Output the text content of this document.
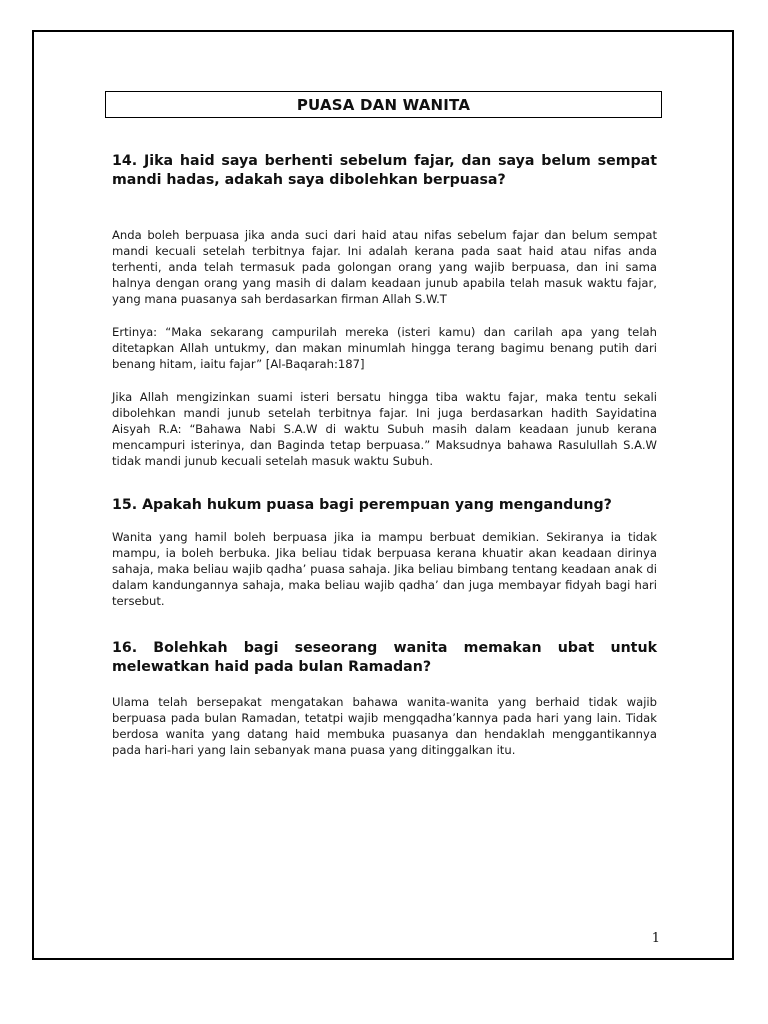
PUASA DAN WANITA

14. Jika haid saya berhenti sebelum fajar, dan saya belum sempat mandi hadas, adakah saya dibolehkan berpuasa?

Anda boleh berpuasa jika anda suci dari haid atau nifas sebelum fajar dan belum sempat mandi kecuali setelah terbitnya fajar. Ini adalah kerana pada saat haid atau nifas anda terhenti, anda telah termasuk pada golongan orang yang wajib berpuasa, dan ini sama halnya dengan orang yang masih di dalam keadaan junub apabila telah masuk waktu fajar, yang mana puasanya sah berdasarkan firman Allah S.W.T

Ertinya: “Maka sekarang campurilah mereka (isteri kamu) dan carilah apa yang telah ditetapkan Allah untukmy, dan makan minumlah hingga terang bagimu benang putih dari benang hitam, iaitu fajar” [Al-Baqarah:187]

Jika Allah mengizinkan suami isteri bersatu hingga tiba waktu fajar, maka tentu sekali dibolehkan mandi junub setelah terbitnya fajar. Ini juga berdasarkan hadith Sayidatina Aisyah R.A: “Bahawa Nabi S.A.W di waktu Subuh masih dalam keadaan junub kerana mencampuri isterinya, dan Baginda tetap berpuasa.” Maksudnya bahawa Rasulullah S.A.W tidak mandi junub kecuali setelah masuk waktu Subuh.

15. Apakah hukum puasa bagi perempuan yang mengandung?

Wanita yang hamil boleh berpuasa jika ia mampu berbuat demikian. Sekiranya ia tidak mampu, ia boleh berbuka. Jika beliau tidak berpuasa kerana khuatir akan keadaan dirinya sahaja, maka beliau wajib qadha’ puasa sahaja. Jika beliau bimbang tentang keadaan anak di dalam kandungannya sahaja, maka beliau wajib qadha’ dan juga membayar fidyah bagi hari tersebut.

16. Bolehkah bagi seseorang wanita memakan ubat untuk melewatkan haid pada bulan Ramadan?

Ulama telah bersepakat mengatakan bahawa wanita-wanita yang berhaid tidak wajib berpuasa pada bulan Ramadan, tetatpi wajib mengqadha’kannya pada hari yang lain. Tidak berdosa wanita yang datang haid membuka puasanya dan hendaklah menggantikannya pada hari-hari yang lain sebanyak mana puasa yang ditinggalkan itu.

1
